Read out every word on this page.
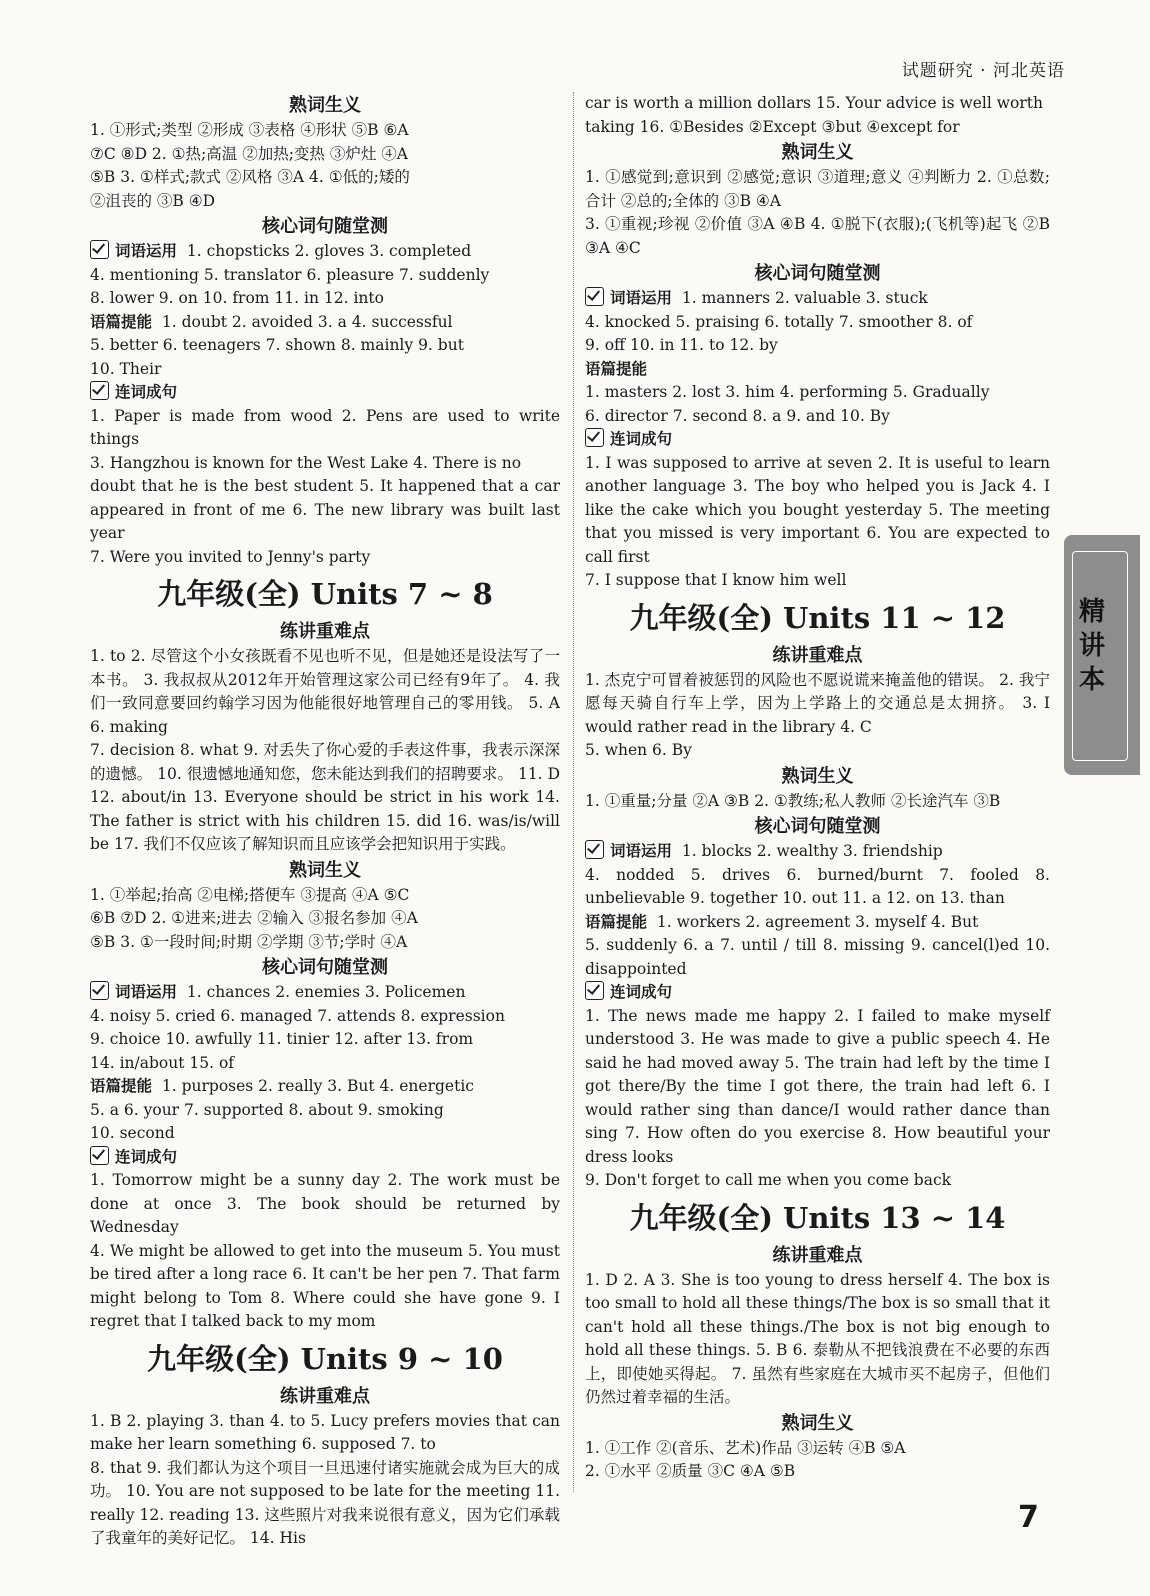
试题研究 · 河北英语
熟词生义

1. ①形式;类型 ②形成 ③表格 ④形状 ⑤B ⑥A

⑦C ⑧D 2. ①热;高温 ②加热;变热 ③炉灶 ④A

⑤B 3. ①样式;款式 ②风格 ③A 4. ①低的;矮的

②沮丧的 ③B ④D

核心词句随堂测

词语运用 1. chopsticks 2. gloves 3. completed

4. mentioning 5. translator 6. pleasure 7. suddenly

8. lower 9. on 10. from 11. in 12. into

语篇提能 1. doubt 2. avoided 3. a 4. successful

5. better 6. teenagers 7. shown 8. mainly 9. but

10. Their

连词成句

1. Paper is made from wood 2. Pens are used to write things

3. Hangzhou is known for the West Lake 4. There is no

doubt that he is the best student 5. It happened that a car appeared in front of me 6. The new library was built last year

7. Were you invited to Jenny's party

九年级(全) Units 7 ~ 8
练讲重难点

1. to 2. 尽管这个小女孩既看不见也听不见，但是她还是设法写了一本书。 3. 我叔叔从2012年开始管理这家公司已经有9年了。 4. 我们一致同意要回约翰学习因为他能很好地管理自己的零用钱。 5. A 6. making

7. decision 8. what 9. 对丢失了你心爱的手表这件事，我表示深深的遗憾。 10. 很遗憾地通知您，您未能达到我们的招聘要求。 11. D 12. about/in 13. Everyone should be strict in his work 14. The father is strict with his children 15. did 16. was/is/will be 17. 我们不仅应该了解知识而且应该学会把知识用于实践。

熟词生义

1. ①举起;抬高 ②电梯;搭便车 ③提高 ④A ⑤C

⑥B ⑦D 2. ①进来;进去 ②输入 ③报名参加 ④A

⑤B 3. ①一段时间;时期 ②学期 ③节;学时 ④A

核心词句随堂测

词语运用 1. chances 2. enemies 3. Policemen

4. noisy 5. cried 6. managed 7. attends 8. expression

9. choice 10. awfully 11. tinier 12. after 13. from

14. in/about 15. of

语篇提能 1. purposes 2. really 3. But 4. energetic

5. a 6. your 7. supported 8. about 9. smoking

10. second

连词成句

1. Tomorrow might be a sunny day 2. The work must be done at once 3. The book should be returned by Wednesday

4. We might be allowed to get into the museum 5. You must be tired after a long race 6. It can't be her pen 7. That farm might belong to Tom 8. Where could she have gone 9. I regret that I talked back to my mom

九年级(全) Units 9 ~ 10
练讲重难点

1. B 2. playing 3. than 4. to 5. Lucy prefers movies that can make her learn something 6. supposed 7. to

8. that 9. 我们都认为这个项目一旦迅速付诸实施就会成为巨大的成功。 10. You are not supposed to be late for the meeting 11. really 12. reading 13. 这些照片对我来说很有意义，因为它们承载了我童年的美好记忆。 14. His

car is worth a million dollars 15. Your advice is well worth

taking 16. ①Besides ②Except ③but ④except for

熟词生义

1. ①感觉到;意识到 ②感觉;意识 ③道理;意义 ④判断力 2. ①总数;合计 ②总的;全体的 ③B ④A

3. ①重视;珍视 ②价值 ③A ④B 4. ①脱下(衣服);(飞机等)起飞 ②B ③A ④C

核心词句随堂测

词语运用 1. manners 2. valuable 3. stuck

4. knocked 5. praising 6. totally 7. smoother 8. of

9. off 10. in 11. to 12. by

语篇提能

1. masters 2. lost 3. him 4. performing 5. Gradually

6. director 7. second 8. a 9. and 10. By

连词成句

1. I was supposed to arrive at seven 2. It is useful to learn another language 3. The boy who helped you is Jack 4. I like the cake which you bought yesterday 5. The meeting that you missed is very important 6. You are expected to call first

7. I suppose that I know him well

九年级(全) Units 11 ~ 12
练讲重难点

1. 杰克宁可冒着被惩罚的风险也不愿说谎来掩盖他的错误。 2. 我宁愿每天骑自行车上学，因为上学路上的交通总是太拥挤。 3. I would rather read in the library 4. C

5. when 6. By

熟词生义

1. ①重量;分量 ②A ③B 2. ①教练;私人教师 ②长途汽车 ③B

核心词句随堂测

词语运用 1. blocks 2. wealthy 3. friendship

4. nodded 5. drives 6. burned/burnt 7. fooled 8. unbelievable 9. together 10. out 11. a 12. on 13. than

语篇提能 1. workers 2. agreement 3. myself 4. But

5. suddenly 6. a 7. until / till 8. missing 9. cancel(l)ed 10. disappointed

连词成句

1. The news made me happy 2. I failed to make myself understood 3. He was made to give a public speech 4. He said he had moved away 5. The train had left by the time I got there/By the time I got there, the train had left 6. I would rather sing than dance/I would rather dance than sing 7. How often do you exercise 8. How beautiful your dress looks

9. Don't forget to call me when you come back

九年级(全) Units 13 ~ 14
练讲重难点

1. D 2. A 3. She is too young to dress herself 4. The box is too small to hold all these things/The box is so small that it can't hold all these things./The box is not big enough to hold all these things. 5. B 6. 泰勒从不把钱浪费在不必要的东西上，即使她买得起。 7. 虽然有些家庭在大城市买不起房子，但他们仍然过着幸福的生活。

熟词生义

1. ①工作 ②(音乐、艺术)作品 ③运转 ④B ⑤A

2. ①水平 ②质量 ③C ④A ⑤B

精讲本
7
